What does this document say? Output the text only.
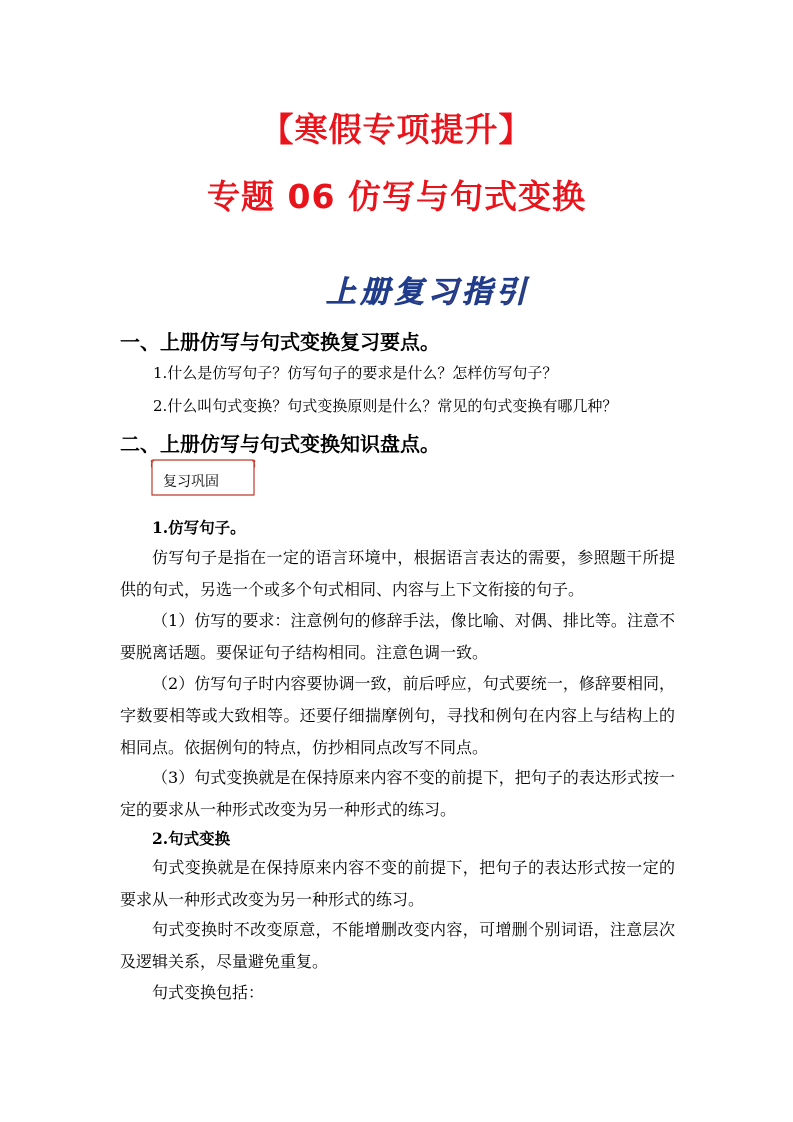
【寒假专项提升】
专题 06 仿写与句式变换
上册复习指引
一、上册仿写与句式变换复习要点。
1.什么是仿写句子？仿写句子的要求是什么？怎样仿写句子？
2.什么叫句式变换？句式变换原则是什么？常见的句式变换有哪几种？
二、上册仿写与句式变换知识盘点。
复习巩固
1.仿写句子。
仿写句子是指在一定的语言环境中，根据语言表达的需要，参照题干所提供的句式，另选一个或多个句式相同、内容与上下文衔接的句子。
（1）仿写的要求：注意例句的修辞手法，像比喻、对偶、排比等。注意不要脱离话题。要保证句子结构相同。注意色调一致。
（2）仿写句子时内容要协调一致，前后呼应，句式要统一，修辞要相同，字数要相等或大致相等。还要仔细揣摩例句，寻找和例句在内容上与结构上的相同点。依据例句的特点，仿抄相同点改写不同点。
（3）句式变换就是在保持原来内容不变的前提下，把句子的表达形式按一定的要求从一种形式改变为另一种形式的练习。
2.句式变换
句式变换就是在保持原来内容不变的前提下，把句子的表达形式按一定的要求从一种形式改变为另一种形式的练习。
句式变换时不改变原意，不能增删改变内容，可增删个别词语，注意层次及逻辑关系，尽量避免重复。
句式变换包括：
